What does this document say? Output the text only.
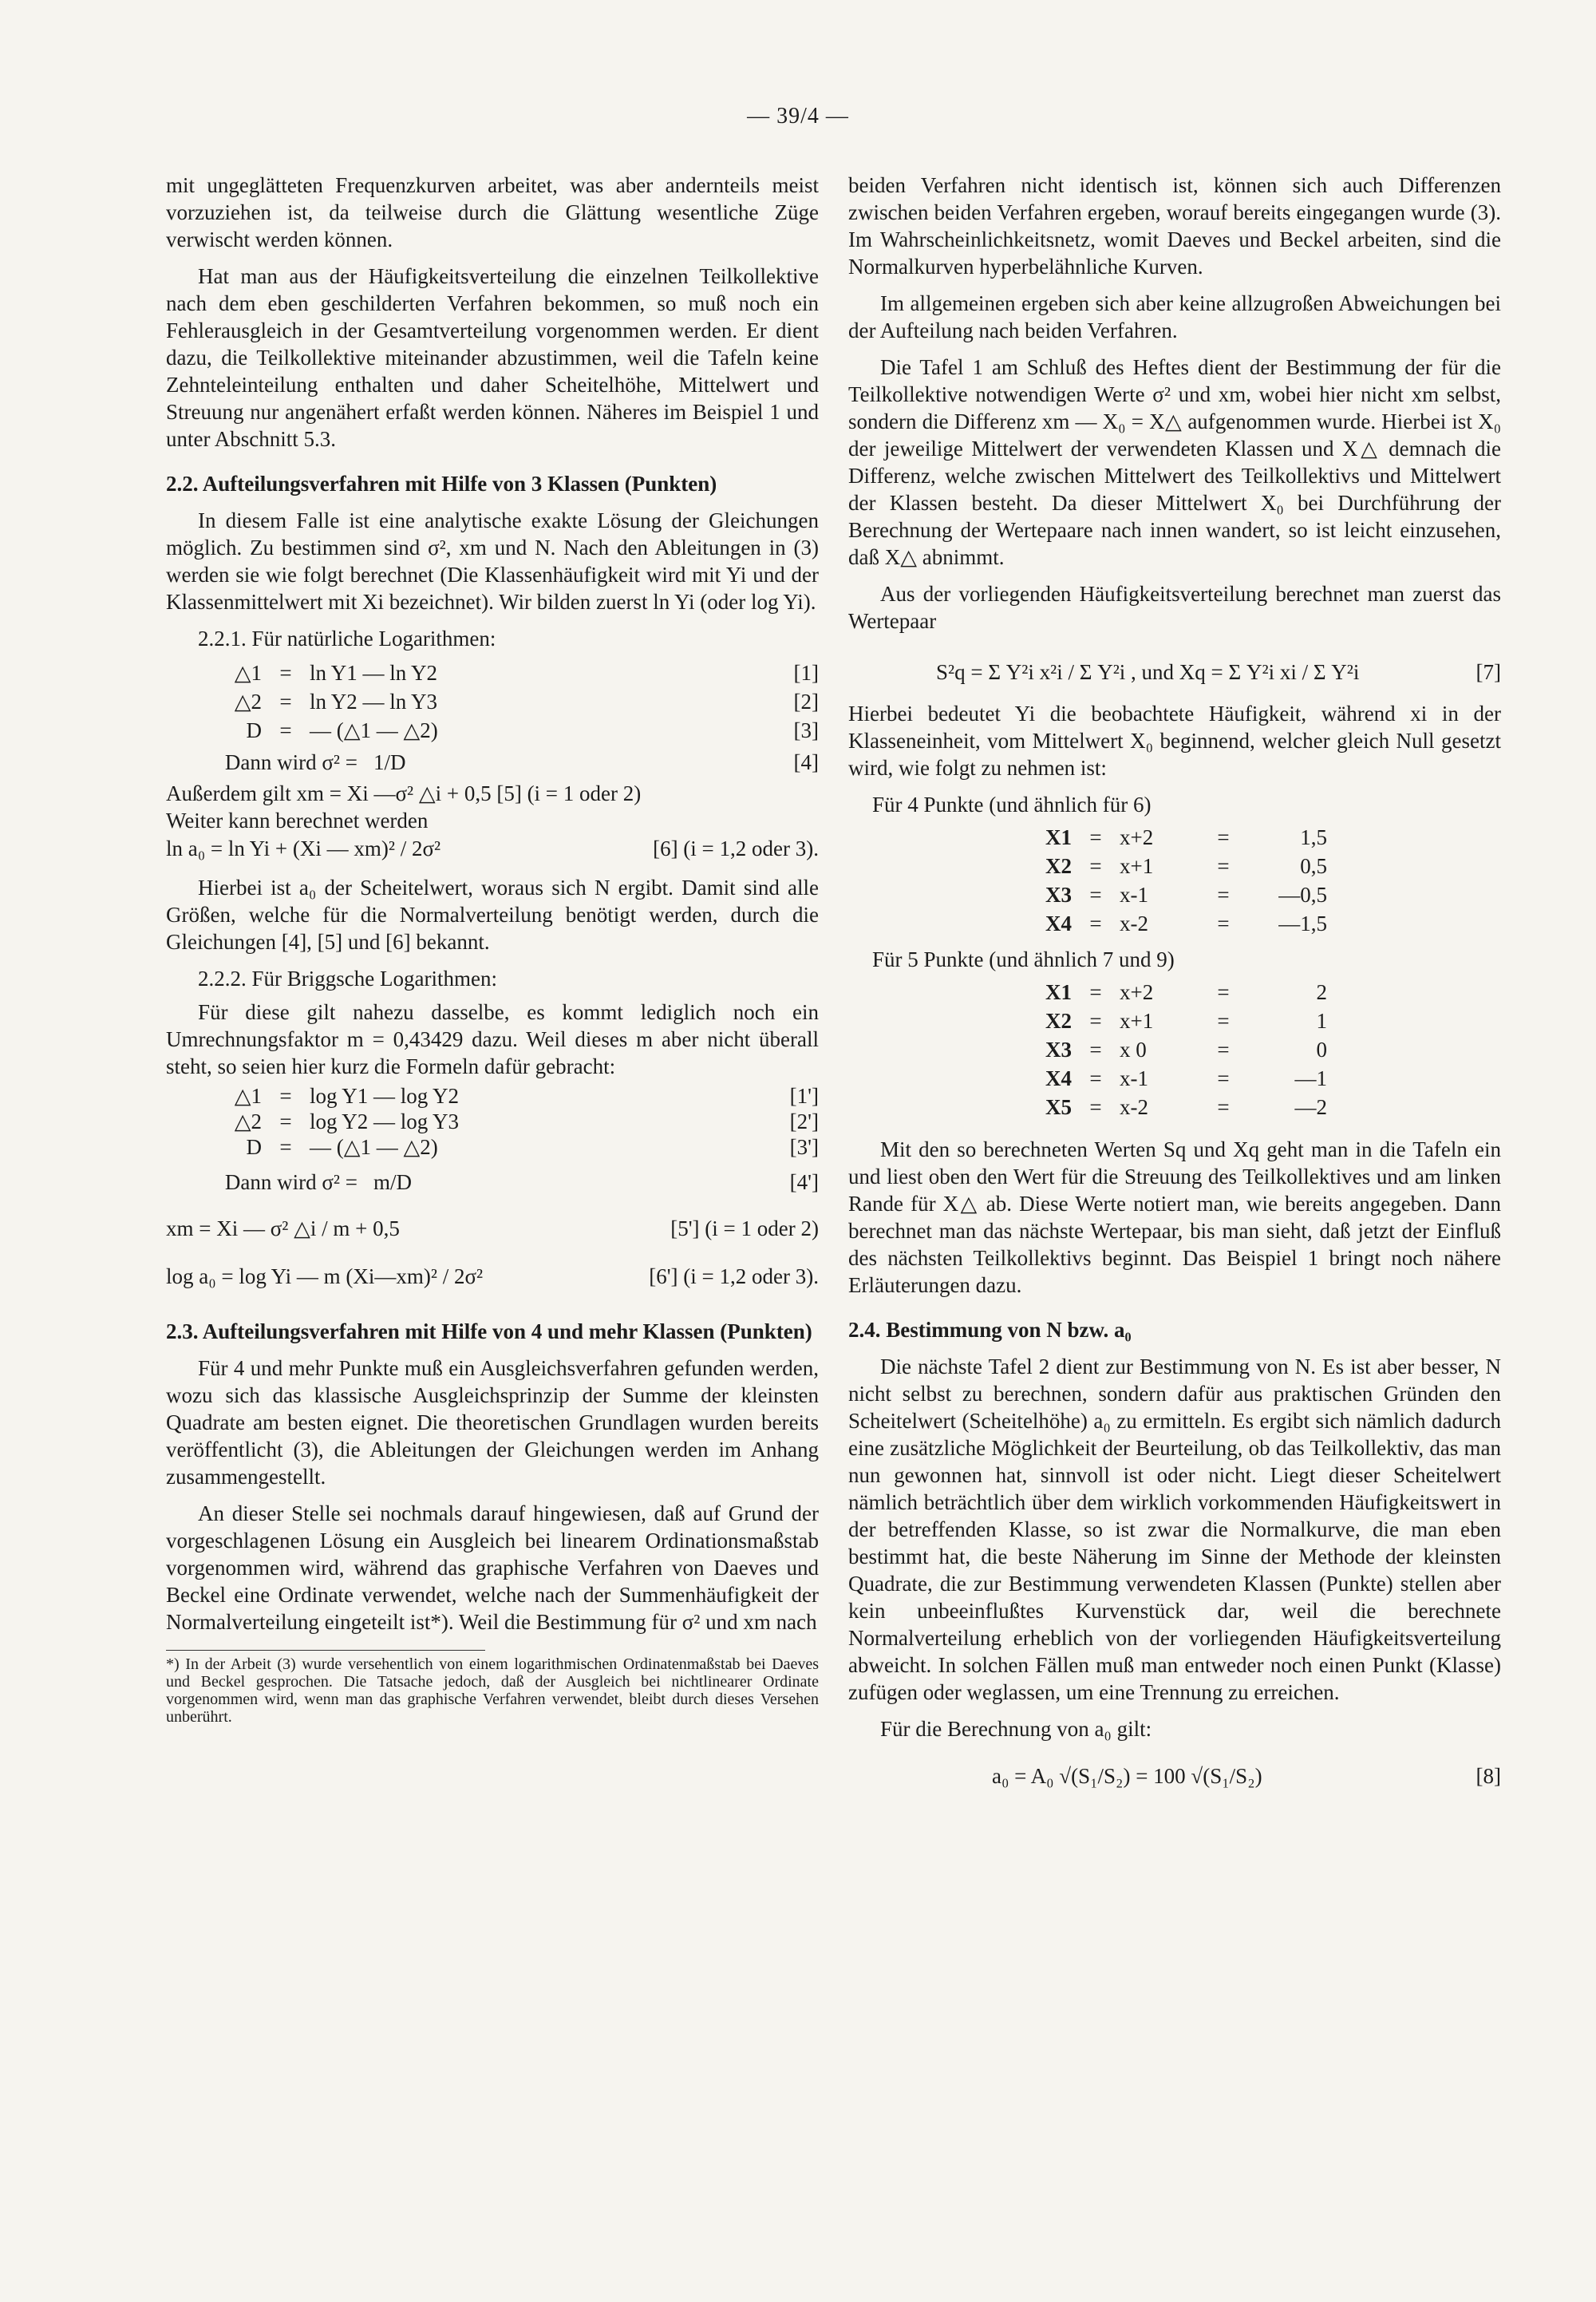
— 39/4 —

mit ungeglätteten Frequenzkurven arbeitet, was aber andernteils meist vorzuziehen ist, da teilweise durch die Glättung wesentliche Züge verwischt werden können.

Hat man aus der Häufigkeitsverteilung die einzelnen Teilkollektive nach dem eben geschilderten Verfahren bekommen, so muß noch ein Fehlerausgleich in der Gesamtverteilung vorgenommen werden. Er dient dazu, die Teilkollektive miteinander abzustimmen, weil die Tafeln keine Zehnteleinteilung enthalten und daher Scheitelhöhe, Mittelwert und Streuung nur angenähert erfaßt werden können. Näheres im Beispiel 1 und unter Abschnitt 5.3.

2.2. Aufteilungsverfahren mit Hilfe von 3 Klassen (Punkten)

In diesem Falle ist eine analytische exakte Lösung der Gleichungen möglich. Zu bestimmen sind σ², xm und N. Nach den Ableitungen in (3) werden sie wie folgt berechnet (Die Klassenhäufigkeit wird mit Yi und der Klassenmittelwert mit Xi bezeichnet). Wir bilden zuerst ln Yi (oder log Yi).

2.2.1. Für natürliche Logarithmen:
△1 = ln Y1 — ln Y2	[1]
△2 = ln Y2 — ln Y3	[2]
D = — (△1 — △2)	[3]
Dann wird σ² = 1/D	[4]

Außerdem gilt xm = Xi —σ² △i + 0,5 [5] (i = 1 oder 2)

Weiter kann berechnet werden

ln a₀ = ln Yi + (Xi — xm)² / 2σ²	[6] (i = 1,2 oder 3).

Hierbei ist a₀ der Scheitelwert, woraus sich N ergibt. Damit sind alle Größen, welche für die Normalverteilung benötigt werden, durch die Gleichungen [4], [5] und [6] bekannt.

2.2.2. Für Briggsche Logarithmen:

Für diese gilt nahezu dasselbe, es kommt lediglich noch ein Umrechnungsfaktor m = 0,43429 dazu. Weil dieses m aber nicht überall steht, so seien hier kurz die Formeln dafür gebracht:

△1 = log Y1 — log Y2	[1']
△2 = log Y2 — log Y3	[2']
D = — (△1 — △2)	[3']
Dann wird σ² = m/D	[4']
xm = Xi — σ² △i / m + 0,5	[5'] (i = 1 oder 2)
log a₀ = log Yi — m (Xi—xm)² / 2σ²	[6'] (i = 1,2 oder 3).
2.3. Aufteilungsverfahren mit Hilfe von 4 und mehr Klassen (Punkten)

Für 4 und mehr Punkte muß ein Ausgleichsverfahren gefunden werden, wozu sich das klassische Ausgleichsprinzip der Summe der kleinsten Quadrate am besten eignet. Die theoretischen Grundlagen wurden bereits veröffentlicht (3), die Ableitungen der Gleichungen werden im Anhang zusammengestellt.

An dieser Stelle sei nochmals darauf hingewiesen, daß auf Grund der vorgeschlagenen Lösung ein Ausgleich bei linearem Ordinationsmaßstab vorgenommen wird, während das graphische Verfahren von Daeves und Beckel eine Ordinate verwendet, welche nach der Summenhäufigkeit der Normalverteilung eingeteilt ist*). Weil die Bestimmung für σ² und xm nach

*) In der Arbeit (3) wurde versehentlich von einem logarithmischen Ordinatenmaßstab bei Daeves und Beckel gesprochen. Die Tatsache jedoch, daß der Ausgleich bei nichtlinearer Ordinate vorgenommen wird, wenn man das graphische Verfahren verwendet, bleibt durch dieses Versehen unberührt.

beiden Verfahren nicht identisch ist, können sich auch Differenzen zwischen beiden Verfahren ergeben, worauf bereits eingegangen wurde (3). Im Wahrscheinlichkeitsnetz, womit Daeves und Beckel arbeiten, sind die Normalkurven hyperbelähnliche Kurven.

Im allgemeinen ergeben sich aber keine allzugroßen Abweichungen bei der Aufteilung nach beiden Verfahren.

Die Tafel 1 am Schluß des Heftes dient der Bestimmung der für die Teilkollektive notwendigen Werte σ² und xm, wobei hier nicht xm selbst, sondern die Differenz xm — X₀ = X△ aufgenommen wurde. Hierbei ist X₀ der jeweilige Mittelwert der verwendeten Klassen und X△ demnach die Differenz, welche zwischen Mittelwert des Teilkollektivs und Mittelwert der Klassen besteht. Da dieser Mittelwert X₀ bei Durchführung der Berechnung der Wertepaare nach innen wandert, so ist leicht einzusehen, daß X△ abnimmt.

Aus der vorliegenden Häufigkeitsverteilung berechnet man zuerst das Wertepaar

S²q = Σ Y²i x²i / Σ Y²i , und Xq = Σ Y²i xi / Σ Y²i	[7]

Hierbei bedeutet Yi die beobachtete Häufigkeit, während xi in der Klasseneinheit, vom Mittelwert X₀ beginnend, welcher gleich Null gesetzt wird, wie folgt zu nehmen ist:

Für 4 Punkte (und ähnlich für 6)
X1 = x+2	=	1,5
X2 = x+1	=	0,5
X3 = x-1	=	—0,5
X4 = x-2	=	—1,5
Für 5 Punkte (und ähnlich 7 und 9)
X1 = x+2	=	2
X2 = x+1	=	1
X3 = x 0	=	0
X4 = x-1	=	—1
X5 = x-2	=	—2

Mit den so berechneten Werten Sq und Xq geht man in die Tafeln ein und liest oben den Wert für die Streuung des Teilkollektives und am linken Rande für X△ ab. Diese Werte notiert man, wie bereits angegeben. Dann berechnet man das nächste Wertepaar, bis man sieht, daß jetzt der Einfluß des nächsten Teilkollektivs beginnt. Das Beispiel 1 bringt noch nähere Erläuterungen dazu.

2.4. Bestimmung von N bzw. a₀

Die nächste Tafel 2 dient zur Bestimmung von N. Es ist aber besser, N nicht selbst zu berechnen, sondern dafür aus praktischen Gründen den Scheitelwert (Scheitelhöhe) a₀ zu ermitteln. Es ergibt sich nämlich dadurch eine zusätzliche Möglichkeit der Beurteilung, ob das Teilkollektiv, das man nun gewonnen hat, sinnvoll ist oder nicht. Liegt dieser Scheitelwert nämlich beträchtlich über dem wirklich vorkommenden Häufigkeitswert in der betreffenden Klasse, so ist zwar die Normalkurve, die man eben bestimmt hat, die beste Näherung im Sinne der Methode der kleinsten Quadrate, die zur Bestimmung verwendeten Klassen (Punkte) stellen aber kein unbeeinflußtes Kurvenstück dar, weil die berechnete Normalverteilung erheblich von der vorliegenden Häufigkeitsverteilung abweicht. In solchen Fällen muß man entweder noch einen Punkt (Klasse) zufügen oder weglassen, um eine Trennung zu erreichen.

Für die Berechnung von a₀ gilt:

a₀ = A₀ √(S₁/S₂) = 100 √(S₁/S₂)	[8]
